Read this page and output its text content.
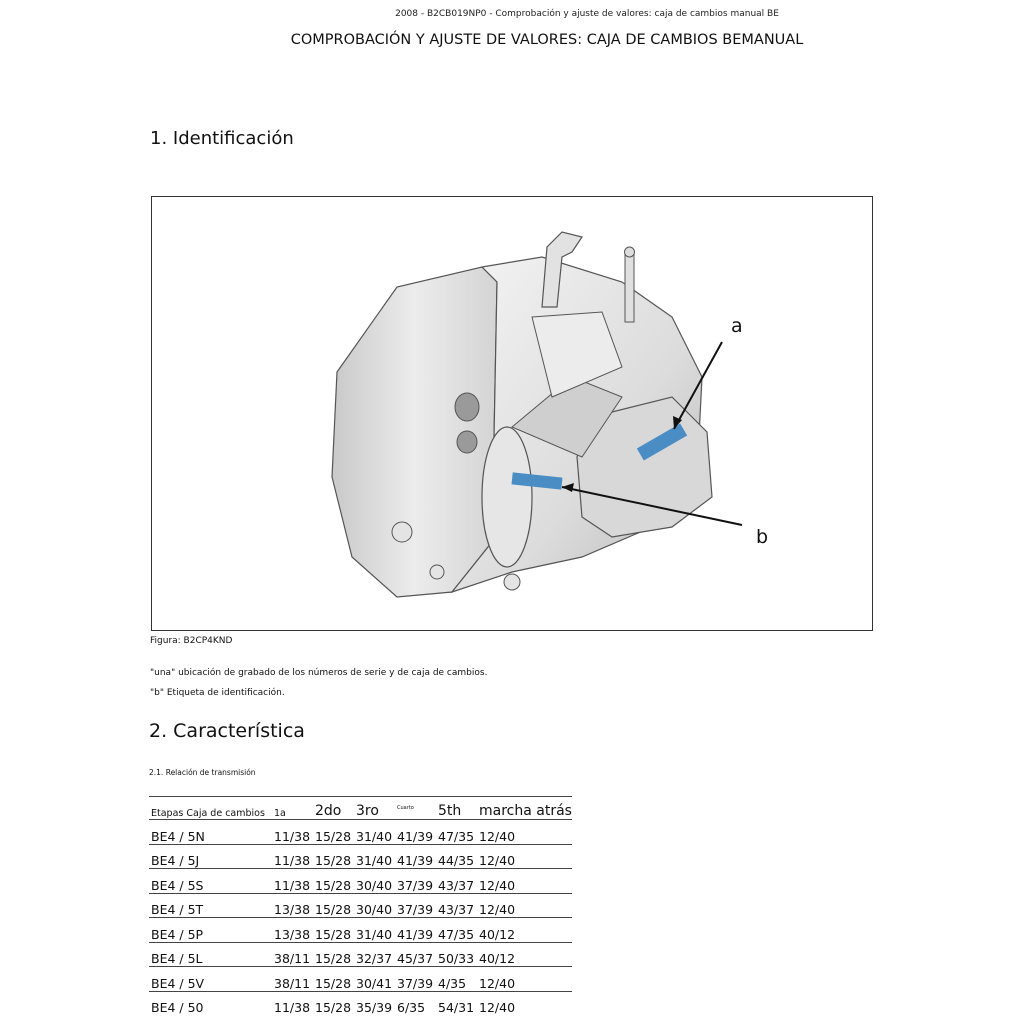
2008 - B2CB019NP0 - Comprobación y ajuste de valores: caja de cambios manual BE
COMPROBACIÓN Y AJUSTE DE VALORES: CAJA DE CAMBIOS BEMANUAL
1. Identificación
a
b
Figura: B2CP4KND
"una" ubicación de grabado de los números de serie y de caja de cambios.
"b" Etiqueta de identificación.
2. Característica
2.1. Relación de transmisión
Etapas Caja de cambios	1a	2do	3ro	Cuarto	5th	marcha atrás
BE4 / 5N	11/38	15/28	31/40	41/39	47/35	12/40
BE4 / 5J	11/38	15/28	31/40	41/39	44/35	12/40
BE4 / 5S	11/38	15/28	30/40	37/39	43/37	12/40
BE4 / 5T	13/38	15/28	30/40	37/39	43/37	12/40
BE4 / 5P	13/38	15/28	31/40	41/39	47/35	40/12
BE4 / 5L	38/11	15/28	32/37	45/37	50/33	40/12
BE4 / 5V	38/11	15/28	30/41	37/39	4/35	12/40
BE4 / 50	11/38	15/28	35/39	6/35	54/31	12/40
